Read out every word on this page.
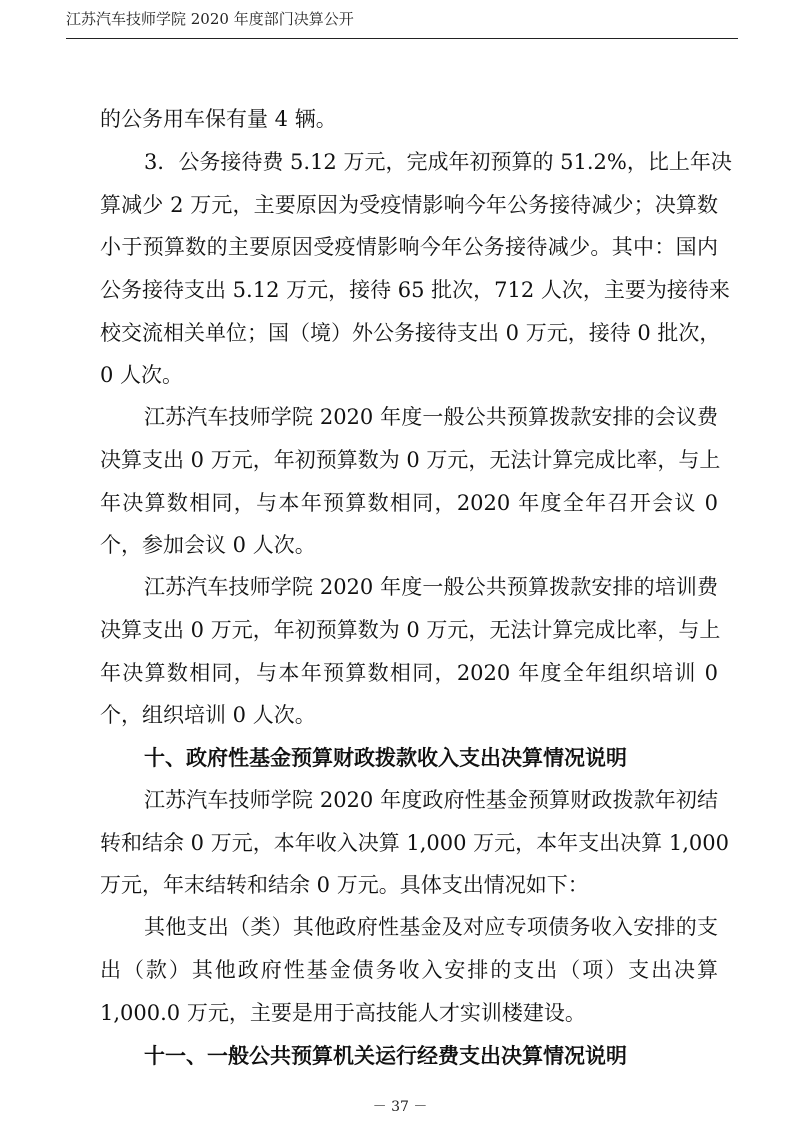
江苏汽车技师学院 2020 年度部门决算公开
的公务用车保有量 4 辆。
3．公务接待费 5.12 万元，完成年初预算的 51.2%，比上年决
算减少 2 万元，主要原因为受疫情影响今年公务接待减少；决算数
小于预算数的主要原因受疫情影响今年公务接待减少。其中：国内
公务接待支出 5.12 万元，接待 65 批次，712 人次，主要为接待来
校交流相关单位；国（境）外公务接待支出 0 万元，接待 0 批次，
0 人次。
江苏汽车技师学院 2020 年度一般公共预算拨款安排的会议费
决算支出 0 万元，年初预算数为 0 万元，无法计算完成比率，与上
年决算数相同，与本年预算数相同，2020 年度全年召开会议 0
个，参加会议 0 人次。
江苏汽车技师学院 2020 年度一般公共预算拨款安排的培训费
决算支出 0 万元，年初预算数为 0 万元，无法计算完成比率，与上
年决算数相同，与本年预算数相同，2020 年度全年组织培训 0
个，组织培训 0 人次。
十、政府性基金预算财政拨款收入支出决算情况说明
江苏汽车技师学院 2020 年度政府性基金预算财政拨款年初结
转和结余 0 万元，本年收入决算 1,000 万元，本年支出决算 1,000
万元，年末结转和结余 0 万元。具体支出情况如下：
其他支出（类）其他政府性基金及对应专项债务收入安排的支
出（款）其他政府性基金债务收入安排的支出（项）支出决算
1,000.0 万元，主要是用于高技能人才实训楼建设。
十一、一般公共预算机关运行经费支出决算情况说明
－ 37 －
